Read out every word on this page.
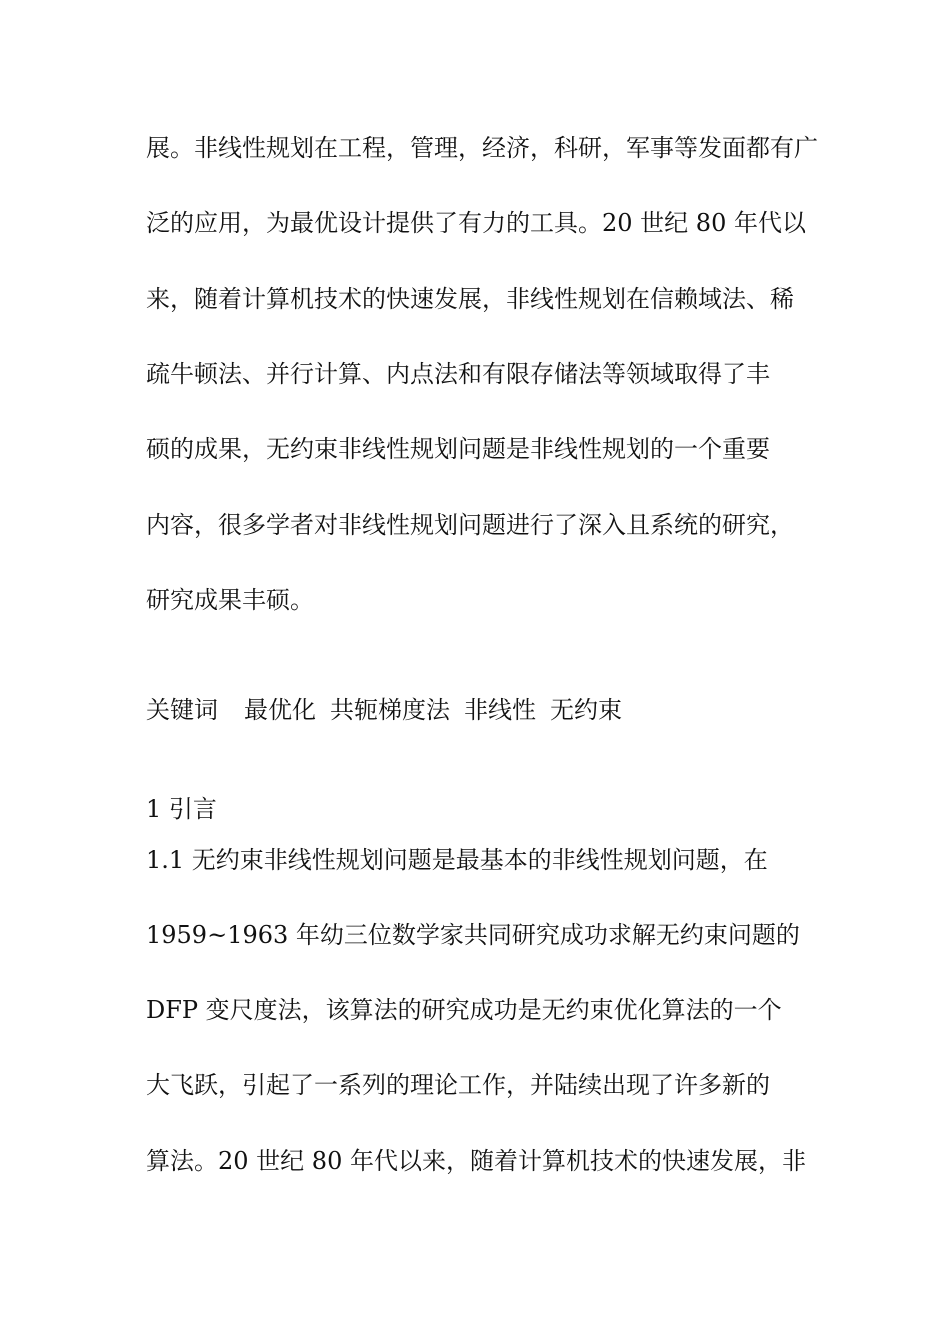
展。非线性规划在工程，管理，经济，科研，军事等发面都有广
泛的应用，为最优设计提供了有力的工具。20 世纪 80 年代以
来，随着计算机技术的快速发展，非线性规划在信赖域法、稀
疏牛顿法、并行计算、内点法和有限存储法等领域取得了丰
硕的成果，无约束非线性规划问题是非线性规划的一个重要
内容，很多学者对非线性规划问题进行了深入且系统的研究，
研究成果丰硕。
关键词 最优化 共轭梯度法 非线性 无约束
1 引言
1.1 无约束非线性规划问题是最基本的非线性规划问题，在
1959~1963 年幼三位数学家共同研究成功求解无约束问题的
DFP 变尺度法，该算法的研究成功是无约束优化算法的一个
大飞跃，引起了一系列的理论工作，并陆续出现了许多新的
算法。20 世纪 80 年代以来，随着计算机技术的快速发展，非
